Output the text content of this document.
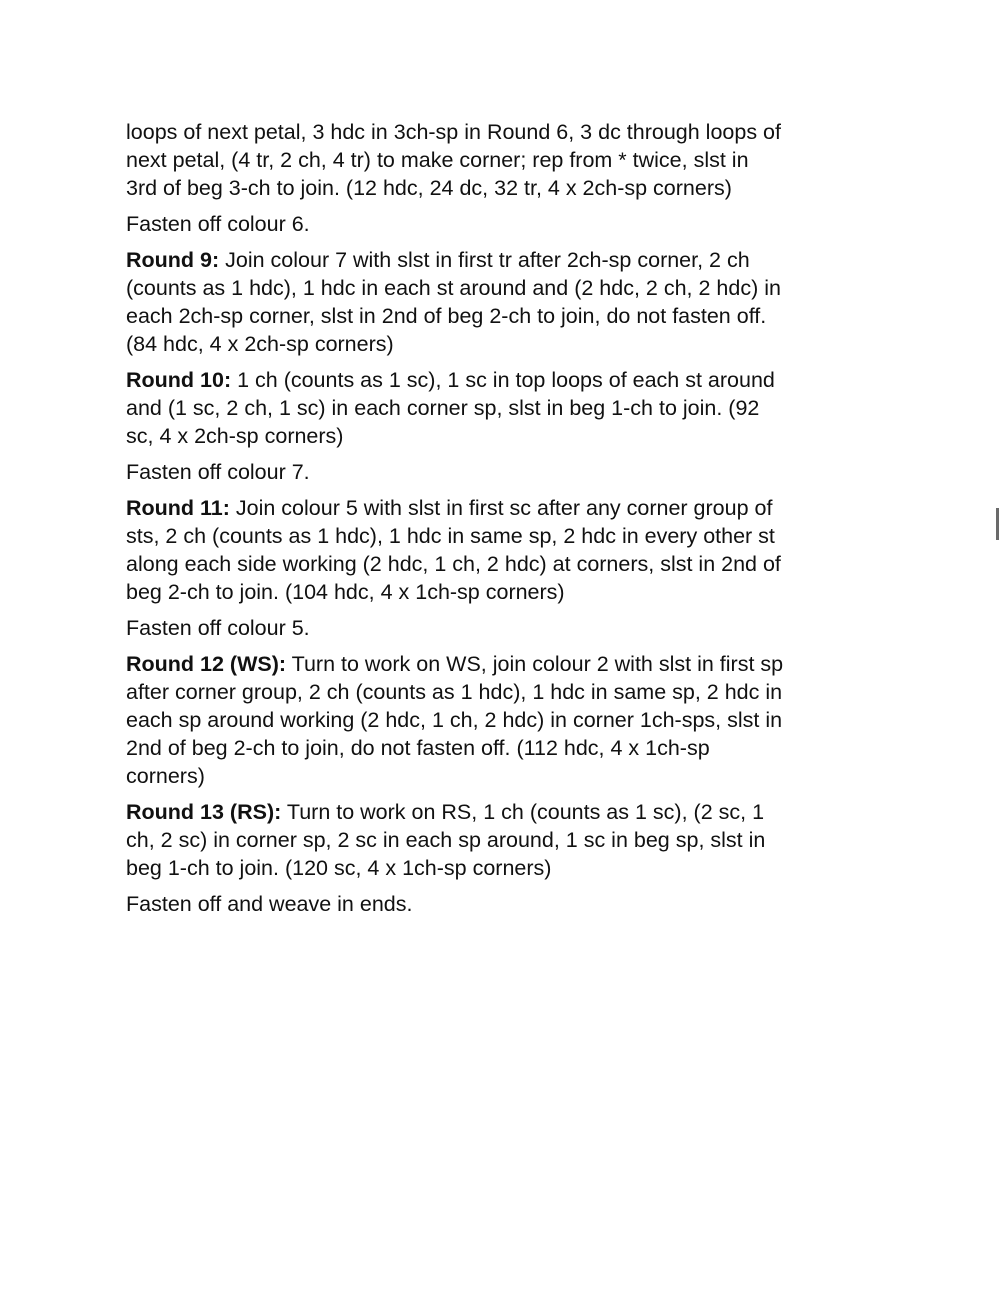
loops of next petal, 3 hdc in 3ch-sp in Round 6, 3 dc through loops of
next petal, (4 tr, 2 ch, 4 tr) to make corner; rep from * twice, slst in
3rd of beg 3-ch to join. (12 hdc, 24 dc, 32 tr, 4 x 2ch-sp corners)

Fasten off colour 6.

Round 9: Join colour 7 with slst in first tr after 2ch-sp corner, 2 ch
(counts as 1 hdc), 1 hdc in each st around and (2 hdc, 2 ch, 2 hdc) in
each 2ch-sp corner, slst in 2nd of beg 2-ch to join, do not fasten off.
(84 hdc, 4 x 2ch-sp corners)

Round 10: 1 ch (counts as 1 sc), 1 sc in top loops of each st around
and (1 sc, 2 ch, 1 sc) in each corner sp, slst in beg 1-ch to join. (92
sc, 4 x 2ch-sp corners)

Fasten off colour 7.

Round 11: Join colour 5 with slst in first sc after any corner group of
sts, 2 ch (counts as 1 hdc), 1 hdc in same sp, 2 hdc in every other st
along each side working (2 hdc, 1 ch, 2 hdc) at corners, slst in 2nd of
beg 2-ch to join. (104 hdc, 4 x 1ch-sp corners)

Fasten off colour 5.

Round 12 (WS): Turn to work on WS, join colour 2 with slst in first sp
after corner group, 2 ch (counts as 1 hdc), 1 hdc in same sp, 2 hdc in
each sp around working (2 hdc, 1 ch, 2 hdc) in corner 1ch-sps, slst in
2nd of beg 2-ch to join, do not fasten off. (112 hdc, 4 x 1ch-sp
corners)

Round 13 (RS): Turn to work on RS, 1 ch (counts as 1 sc), (2 sc, 1
ch, 2 sc) in corner sp, 2 sc in each sp around, 1 sc in beg sp, slst in
beg 1-ch to join. (120 sc, 4 x 1ch-sp corners)

Fasten off and weave in ends.
